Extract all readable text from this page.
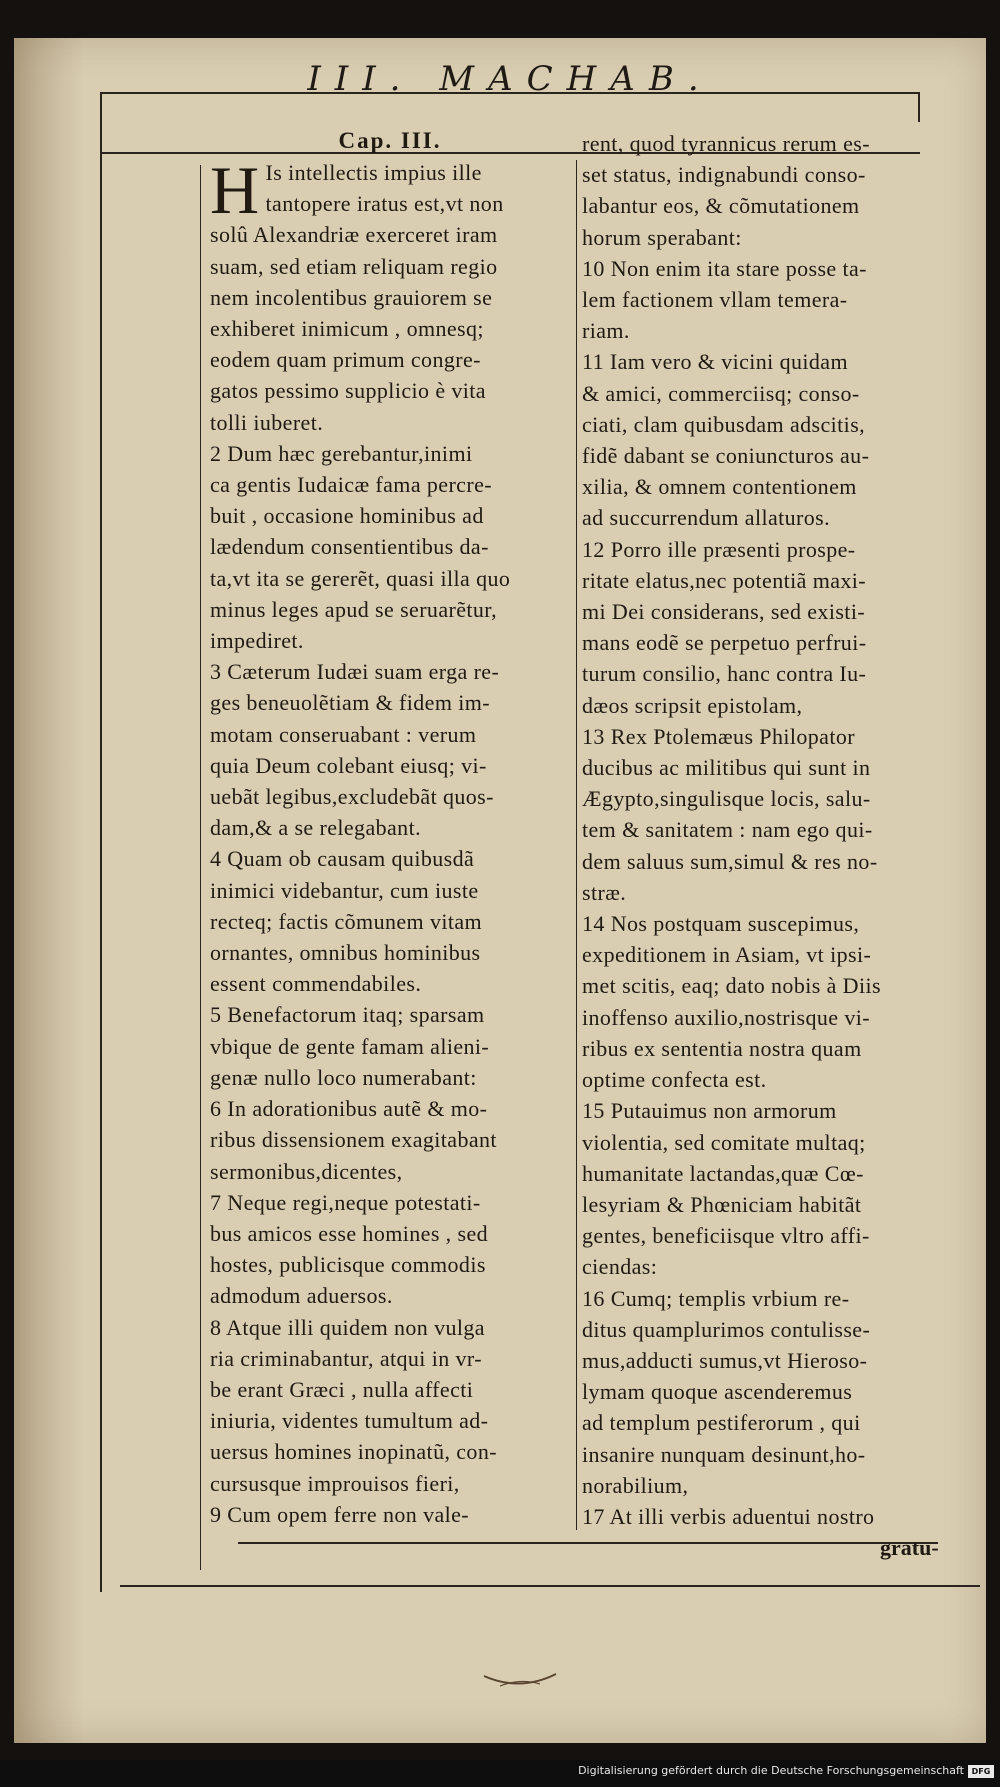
III. MACHAB.

Cap. III.

H Is intellectis impius ille

tantopere iratus est,vt non

solû Alexandriæ exerceret iram

suam, sed etiam reliquam regio

nem incolentibus grauiorem se

exhiberet inimicum , omnesq;

eodem quam primum congre-

gatos pessimo supplicio è vita

tolli iuberet.

2 Dum hæc gerebantur,inimi

ca gentis Iudaicæ fama percre-

buit , occasione hominibus ad

lædendum consentientibus da-

ta,vt ita se gererẽt, quasi illa quo

minus leges apud se seruarẽtur,

impediret.

3 Cæterum Iudæi suam erga re-

ges beneuolẽtiam & fidem im-

motam conseruabant : verum

quia Deum colebant eiusq; vi-

uebãt legibus,excludebãt quos-

dam,& a se relegabant.

4 Quam ob causam quibusdã

inimici videbantur, cum iuste

recteq; factis cõmunem vitam

ornantes, omnibus hominibus

essent commendabiles.

5 Benefactorum itaq; sparsam

vbique de gente famam alieni-

genæ nullo loco numerabant:

6 In adorationibus autẽ & mo-

ribus dissensionem exagitabant

sermonibus,dicentes,

7 Neque regi,neque potestati-

bus amicos esse homines , sed

hostes, publicisque commodis

admodum aduersos.

8 Atque illi quidem non vulga

ria criminabantur, atqui in vr-

be erant Græci , nulla affecti

iniuria, videntes tumultum ad-

uersus homines inopinatũ, con-

cursusque improuisos fieri,

9 Cum opem ferre non vale-

rent, quod tyrannicus rerum es-

set status, indignabundi conso-

labantur eos, & cõmutationem

horum sperabant:

10 Non enim ita stare posse ta-

lem factionem vllam temera-

riam.

11 Iam vero & vicini quidam

& amici, commerciisq; conso-

ciati, clam quibusdam adscitis,

fidẽ dabant se coniuncturos au-

xilia, & omnem contentionem

ad succurrendum allaturos.

12 Porro ille præsenti prospe-

ritate elatus,nec potentiã maxi-

mi Dei considerans, sed existi-

mans eodẽ se perpetuo perfrui-

turum consilio, hanc contra Iu-

dæos scripsit epistolam,

13 Rex Ptolemæus Philopator

ducibus ac militibus qui sunt in

Ægypto,singulisque locis, salu-

tem & sanitatem : nam ego qui-

dem saluus sum,simul & res no-

stræ.

14 Nos postquam suscepimus,

expeditionem in Asiam, vt ipsi-

met scitis, eaq; dato nobis à Diis

inoffenso auxilio,nostrisque vi-

ribus ex sententia nostra quam

optime confecta est.

15 Putauimus non armorum

violentia, sed comitate multaq;

humanitate lactandas,quæ Cœ-

lesyriam & Phœniciam habitãt

gentes, beneficiisque vltro affi-

ciendas:

16 Cumq; templis vrbium re-

ditus quamplurimos contulisse-

mus,adducti sumus,vt Hieroso-

lymam quoque ascenderemus

ad templum pestiferorum , qui

insanire nunquam desinunt,ho-

norabilium,

17 At illi verbis aduentui nostro

gratu-
Digitalisierung gefördert durch die Deutsche Forschungsgemeinschaft DFG
